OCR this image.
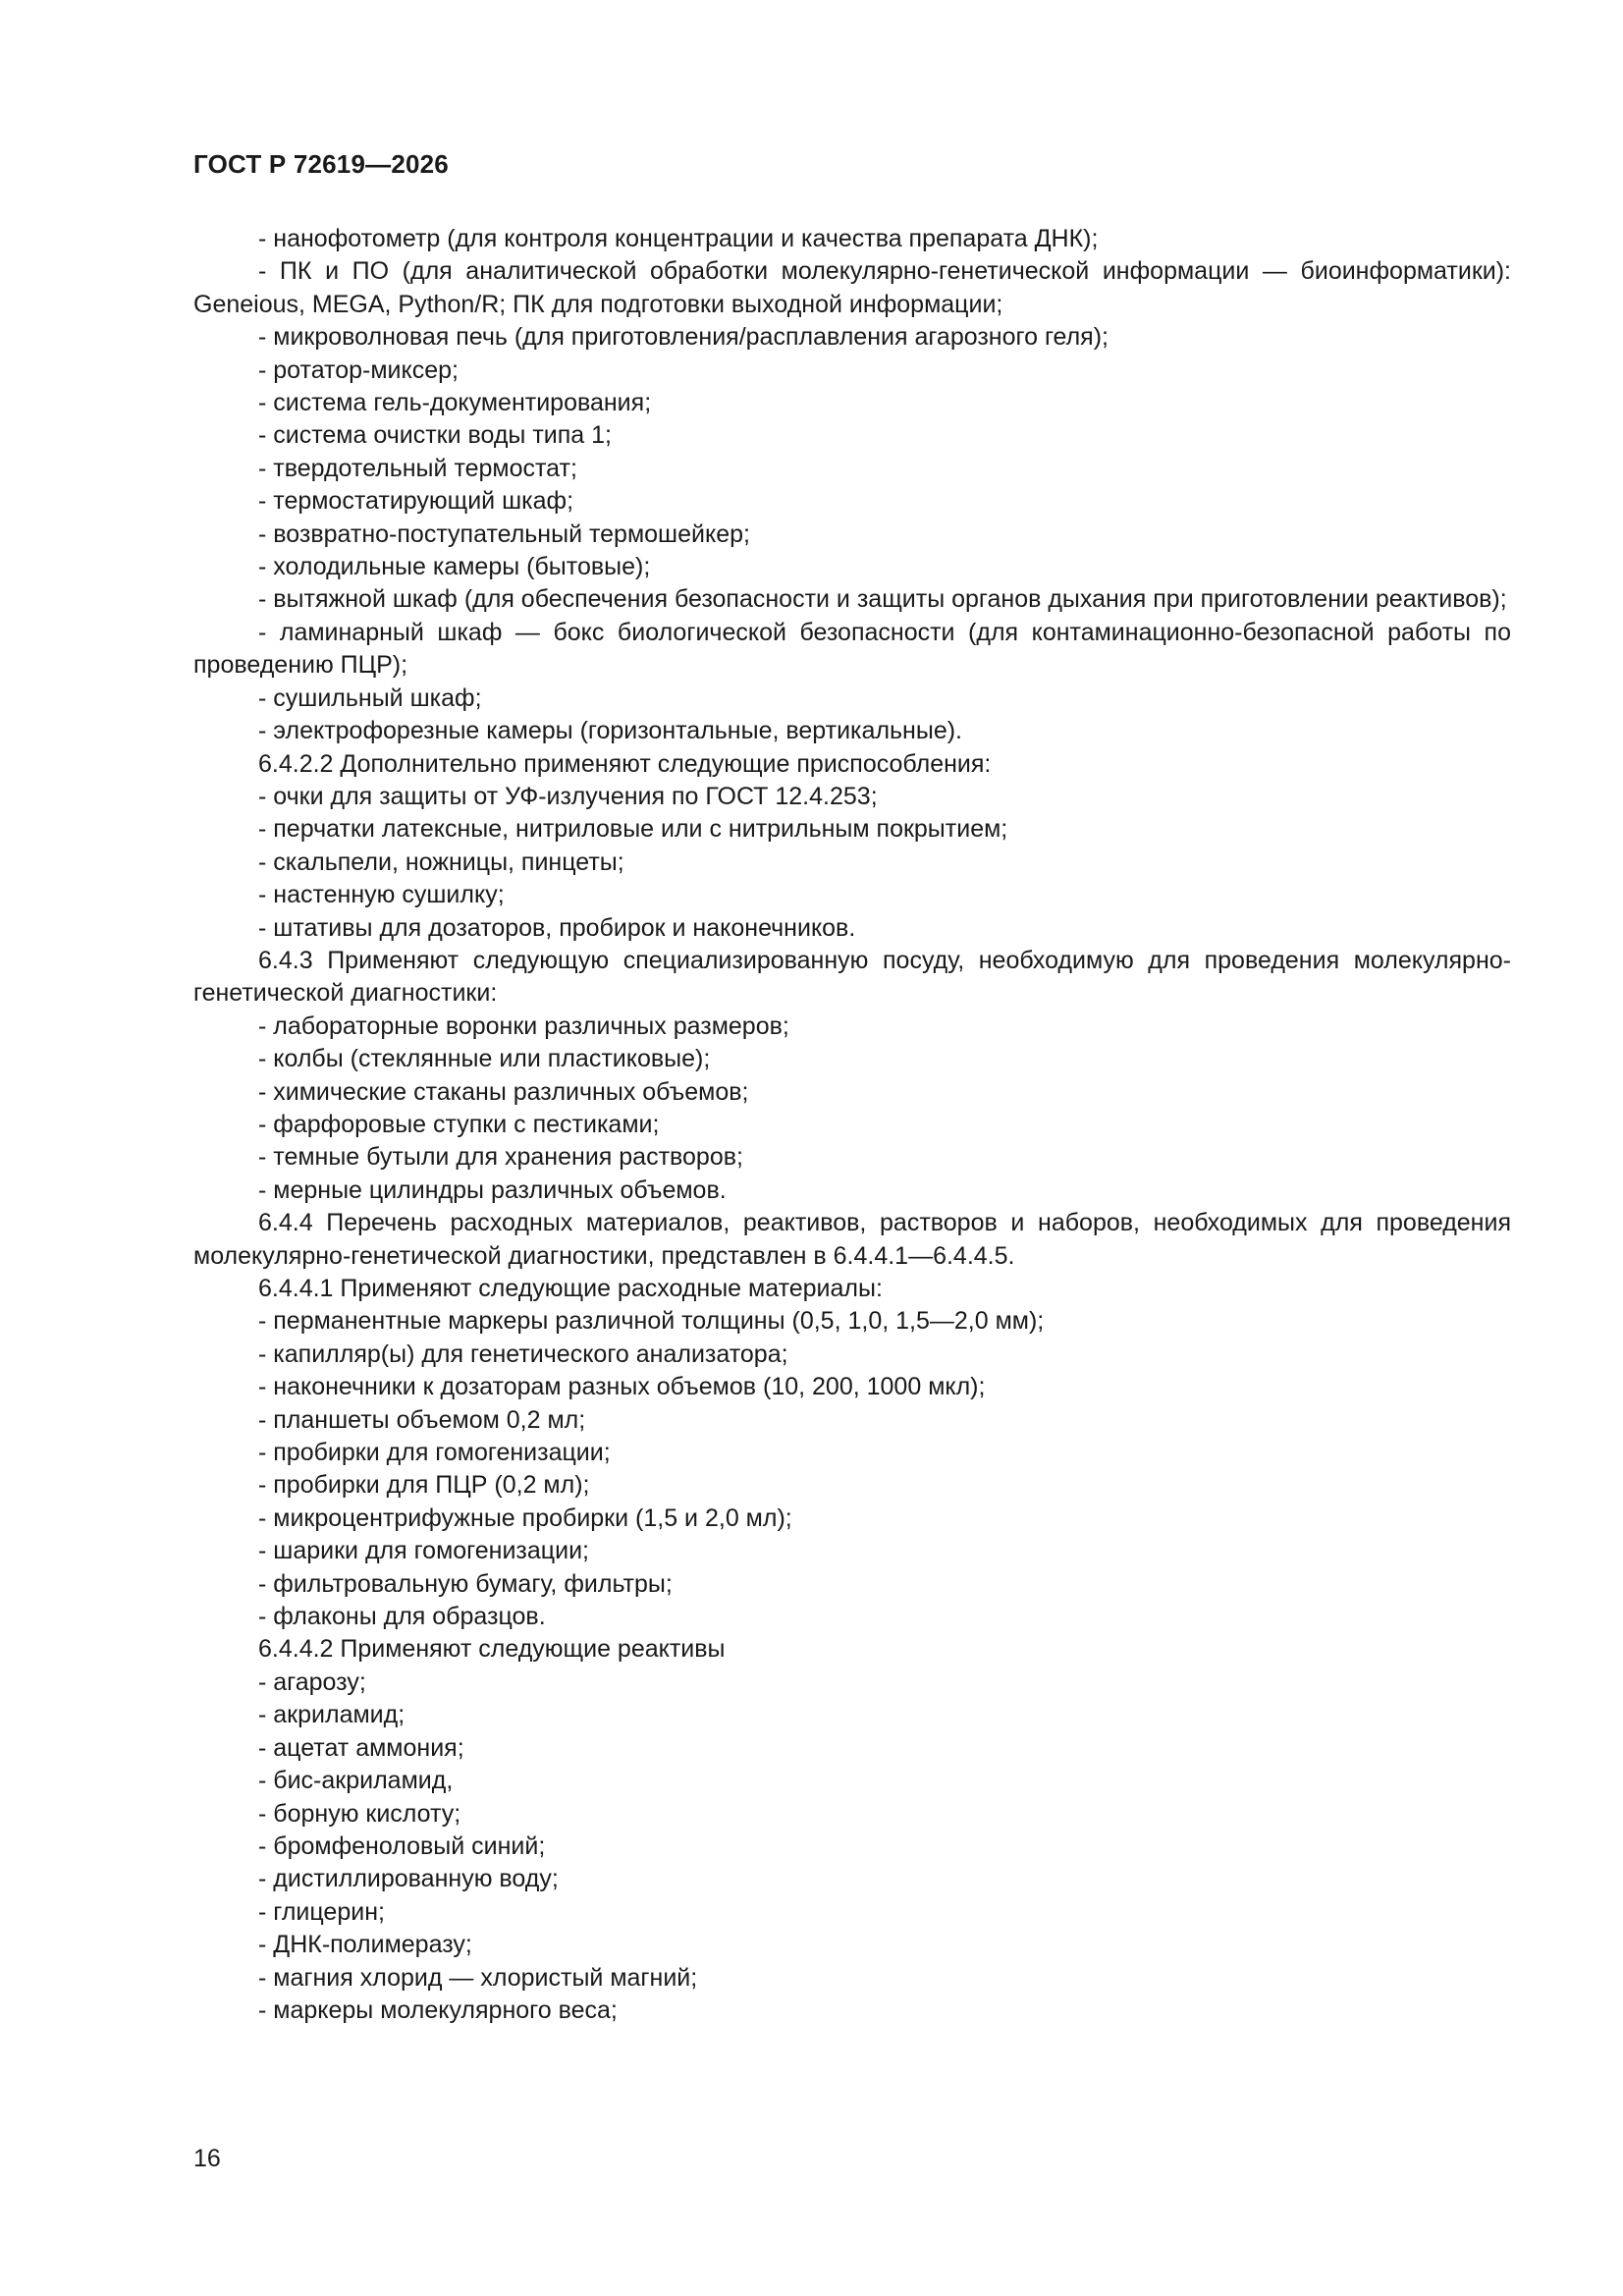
ГОСТ Р 72619—2026

- нанофотометр (для контроля концентрации и качества препарата ДНК);

- ПК и ПО (для аналитической обработки молекулярно-генетической информации — биоинформатики): Geneious, MEGA, Python/R; ПК для подготовки выходной информации;

- микроволновая печь (для приготовления/расплавления агарозного геля);

- ротатор-миксер;

- система гель-документирования;

- система очистки воды типа 1;

- твердотельный термостат;

- термостатирующий шкаф;

- возвратно-поступательный термошейкер;

- холодильные камеры (бытовые);

- вытяжной шкаф (для обеспечения безопасности и защиты органов дыхания при приготовлении реактивов);

- ламинарный шкаф — бокс биологической безопасности (для контаминационно-безопасной работы по проведению ПЦР);

- сушильный шкаф;

- электрофорезные камеры (горизонтальные, вертикальные).

6.4.2.2 Дополнительно применяют следующие приспособления:

- очки для защиты от УФ-излучения по ГОСТ 12.4.253;

- перчатки латексные, нитриловые или с нитрильным покрытием;

- скальпели, ножницы, пинцеты;

- настенную сушилку;

- штативы для дозаторов, пробирок и наконечников.

6.4.3 Применяют следующую специализированную посуду, необходимую для проведения молекулярно-генетической диагностики:

- лабораторные воронки различных размеров;

- колбы (стеклянные или пластиковые);

- химические стаканы различных объемов;

- фарфоровые ступки с пестиками;

- темные бутыли для хранения растворов;

- мерные цилиндры различных объемов.

6.4.4 Перечень расходных материалов, реактивов, растворов и наборов, необходимых для проведения молекулярно-генетической диагностики, представлен в 6.4.4.1—6.4.4.5.

6.4.4.1 Применяют следующие расходные материалы:

- перманентные маркеры различной толщины (0,5, 1,0, 1,5—2,0 мм);

- капилляр(ы) для генетического анализатора;

- наконечники к дозаторам разных объемов (10, 200, 1000 мкл);

- планшеты объемом 0,2 мл;

- пробирки для гомогенизации;

- пробирки для ПЦР (0,2 мл);

- микроцентрифужные пробирки (1,5 и 2,0 мл);

- шарики для гомогенизации;

- фильтровальную бумагу, фильтры;

- флаконы для образцов.

6.4.4.2 Применяют следующие реактивы

- агарозу;

- акриламид;

- ацетат аммония;

- бис-акриламид,

- борную кислоту;

- бромфеноловый синий;

- дистиллированную воду;

- глицерин;

- ДНК-полимеразу;

- магния хлорид — хлористый магний;

- маркеры молекулярного веса;

16
